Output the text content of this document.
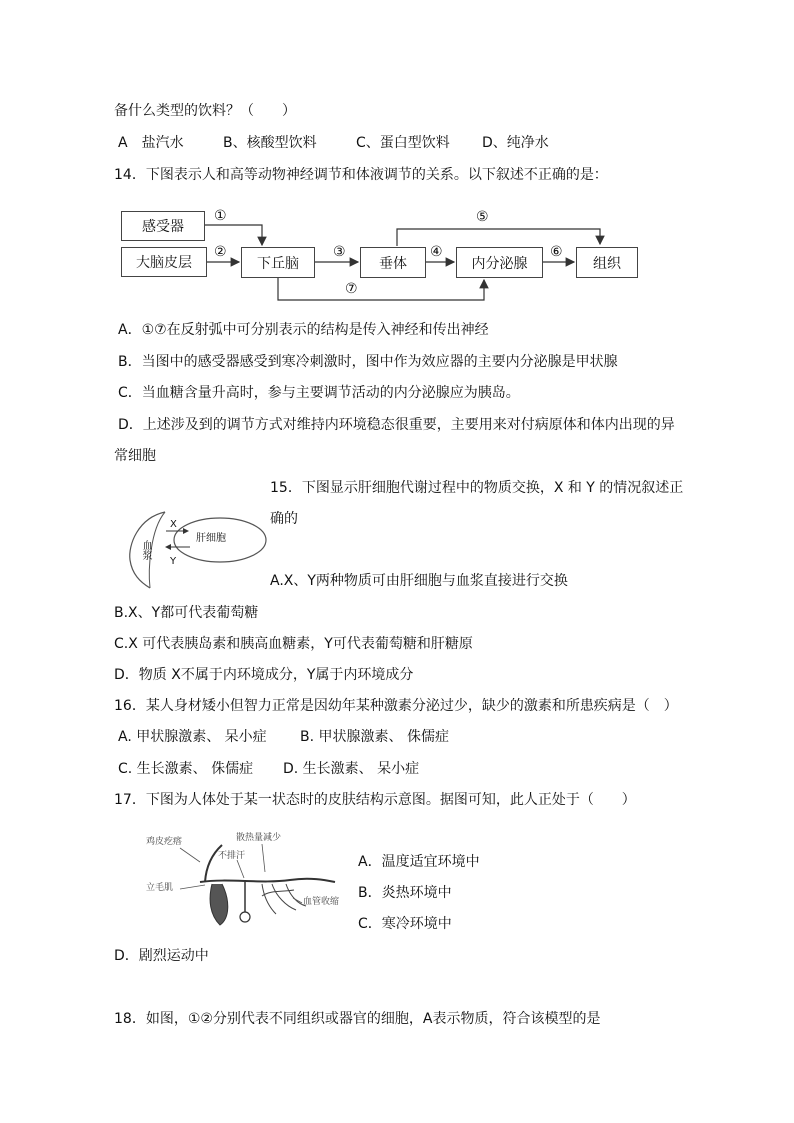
备什么类型的饮料？（　　）
A　盐汽水	B、核酸型饮料	C、蛋白型饮料 D、纯净水
14．下图表示人和高等动物神经调节和体液调节的关系。以下叙述不正确的是：
感受器
大脑皮层	下丘脑	垂体	内分泌腺	组织
①
②	③	④
⑤
⑥
⑦
A．①⑦在反射弧中可分别表示的结构是传入神经和传出神经
B．当图中的感受器感受到寒冷刺激时，图中作为效应器的主要内分泌腺是甲状腺
C．当血糖含量升高时，参与主要调节活动的内分泌腺应为胰岛。
D．上述涉及到的调节方式对维持内环境稳态很重要，主要用来对付病原体和体内出现的异
常细胞
15．下图显示肝细胞代谢过程中的物质交换，X 和 Y 的情况叙述正
确的
X
Y
肝细胞
血浆
A.X、Y两种物质可由肝细胞与血浆直接进行交换
B.X、Y都可代表葡萄糖
C.X 可代表胰岛素和胰高血糖素，Y可代表葡萄糖和肝糖原
D．物质 X不属于内环境成分，Y属于内环境成分
16．某人身材矮小但智力正常是因幼年某种激素分泌过少，缺少的激素和所患疾病是（　）
A. 甲状腺激素、 呆小症 B. 甲状腺激素、 侏儒症
C. 生长激素、 侏儒症 D. 生长激素、 呆小症
17．下图为人体处于某一状态时的皮肤结构示意图。据图可知，此人正处于（　　）
鸡皮疙瘩
不排汗
散热量减少
立毛肌
血管收缩
A．温度适宜环境中
B．炎热环境中
C．寒冷环境中
D．剧烈运动中
18．如图，①②分别代表不同组织或器官的细胞，A表示物质，符合该模型的是
